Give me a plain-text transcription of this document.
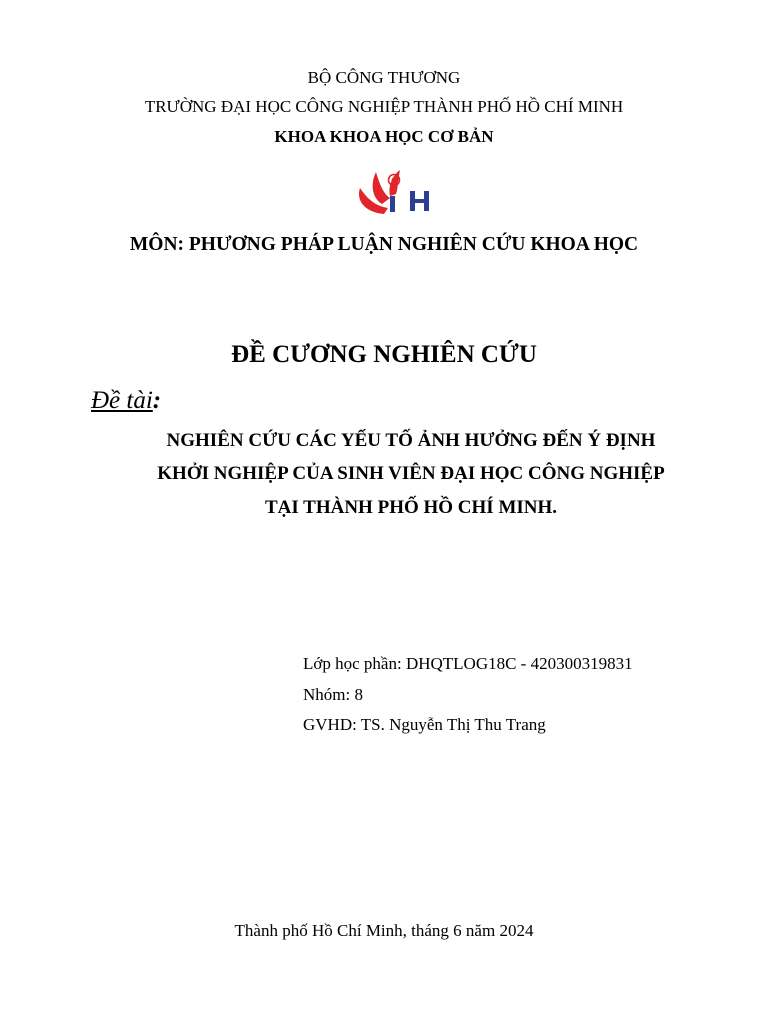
BỘ CÔNG THƯƠNG
TRƯỜNG ĐẠI HỌC CÔNG NGHIỆP THÀNH PHỐ HỒ CHÍ MINH
KHOA KHOA HỌC CƠ BẢN
MÔN: PHƯƠNG PHÁP LUẬN NGHIÊN CỨU KHOA HỌC
ĐỀ CƯƠNG NGHIÊN CỨU
Đề tài:
NGHIÊN CỨU CÁC YẾU TỐ ẢNH HƯỞNG ĐẾN Ý ĐỊNH
KHỞI NGHIỆP CỦA SINH VIÊN ĐẠI HỌC CÔNG NGHIỆP
TẠI THÀNH PHỐ HỒ CHÍ MINH.
Lớp học phần: DHQTLOG18C - 420300319831
Nhóm: 8
GVHD: TS. Nguyễn Thị Thu Trang
Thành phố Hồ Chí Minh, tháng 6 năm 2024
